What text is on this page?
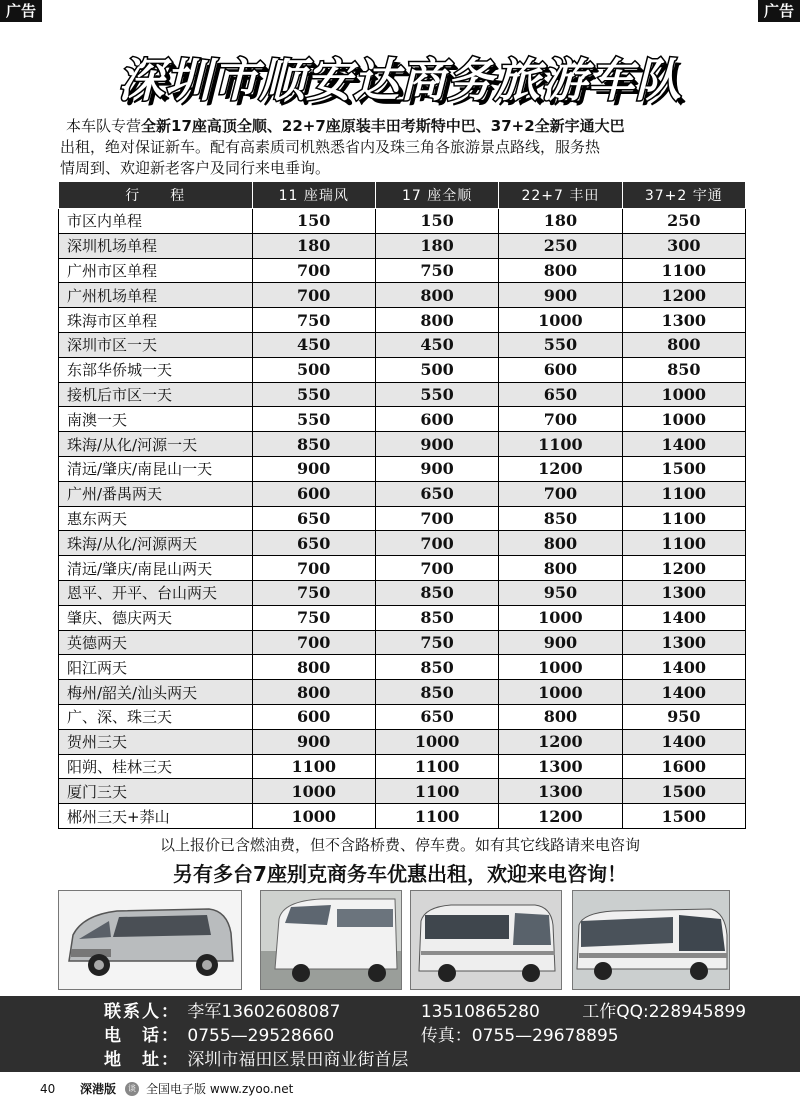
广告	广告
深圳市顺安达商务旅游车队

本车队专营全新17座高顶全顺、22+7座原装丰田考斯特中巴、37+2全新宇通大巴

出租，绝对保证新车。配有高素质司机熟悉省内及珠三角各旅游景点路线，服务热

情周到、欢迎新老客户及同行来电垂询。

行　　程	11 座瑞风	17 座全顺	22+7 丰田	37+2 宇通
市区内单程	150	150	180	250
深圳机场单程	180	180	250	300
广州市区单程	700	750	800	1100
广州机场单程	700	800	900	1200
珠海市区单程	750	800	1000	1300
深圳市区一天	450	450	550	800
东部华侨城一天	500	500	600	850
接机后市区一天	550	550	650	1000
南澳一天	550	600	700	1000
珠海/从化/河源一天	850	900	1100	1400
清远/肇庆/南昆山一天	900	900	1200	1500
广州/番禺两天	600	650	700	1100
惠东两天	650	700	850	1100
珠海/从化/河源两天	650	700	800	1100
清远/肇庆/南昆山两天	700	700	800	1200
恩平、开平、台山两天	750	850	950	1300
肇庆、德庆两天	750	850	1000	1400
英德两天	700	750	900	1300
阳江两天	800	850	1000	1400
梅州/韶关/汕头两天	800	850	1000	1400
广、深、珠三天	600	650	800	950
贺州三天	900	1000	1200	1400
阳朔、桂林三天	1100	1100	1300	1600
厦门三天	1000	1100	1300	1500
郴州三天+莽山	1000	1100	1200	1500
以上报价已含燃油费，但不含路桥费、停车费。如有其它线路请来电咨询
另有多台7座别克商务车优惠出租，欢迎来电咨询！
联系人： 李军13602608087	13510865280 工作QQ:228945899
电　话： 0755—29528660	传真：0755—29678895
地　址： 深圳市福田区景田商业街首层
40 深港版	谈 全国电子版 www.zyoo.net
